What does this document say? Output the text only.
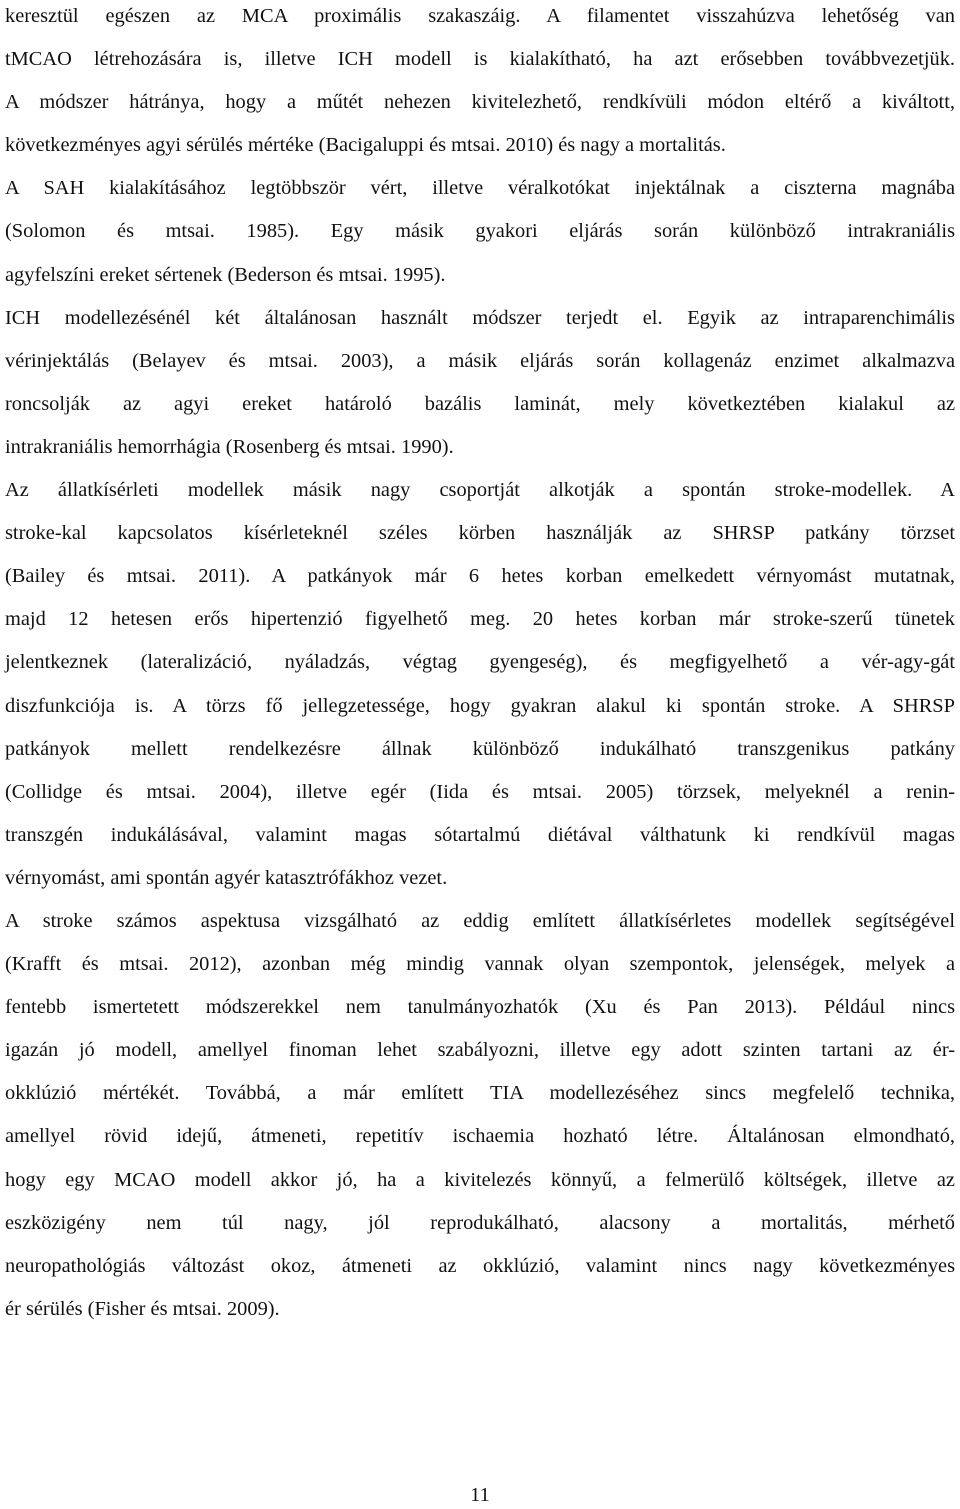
keresztül egészen az MCA proximális szakaszáig. A filamentet visszahúzva lehetőség van
tMCAO létrehozására is, illetve ICH modell is kialakítható, ha azt erősebben továbbvezetjük.
A módszer hátránya, hogy a műtét nehezen kivitelezhető, rendkívüli módon eltérő a kiváltott,
következményes agyi sérülés mértéke (Bacigaluppi és mtsai. 2010) és nagy a mortalitás.
A SAH kialakításához legtöbbször vért, illetve véralkotókat injektálnak a ciszterna magnába
(Solomon és mtsai. 1985). Egy másik gyakori eljárás során különböző intrakraniális
agyfelszíni ereket sértenek (Bederson és mtsai. 1995).
ICH modellezésénél két általánosan használt módszer terjedt el. Egyik az intraparenchimális
vérinjektálás (Belayev és mtsai. 2003), a másik eljárás során kollagenáz enzimet alkalmazva
roncsolják az agyi ereket határoló bazális laminát, mely következtében kialakul az
intrakraniális hemorrhágia (Rosenberg és mtsai. 1990).
Az állatkísérleti modellek másik nagy csoportját alkotják a spontán stroke-modellek. A
stroke-kal kapcsolatos kísérleteknél széles körben használják az SHRSP patkány törzset
(Bailey és mtsai. 2011). A patkányok már 6 hetes korban emelkedett vérnyomást mutatnak,
majd 12 hetesen erős hipertenzió figyelhető meg. 20 hetes korban már stroke-szerű tünetek
jelentkeznek (lateralizáció, nyáladzás, végtag gyengeség), és megfigyelhető a vér-agy-gát
diszfunkciója is. A törzs fő jellegzetessége, hogy gyakran alakul ki spontán stroke. A SHRSP
patkányok mellett rendelkezésre állnak különböző indukálható transzgenikus patkány
(Collidge és mtsai. 2004), illetve egér (Iida és mtsai. 2005) törzsek, melyeknél a renin-
transzgén indukálásával, valamint magas sótartalmú diétával válthatunk ki rendkívül magas
vérnyomást, ami spontán agyér katasztrófákhoz vezet.
A stroke számos aspektusa vizsgálható az eddig említett állatkísérletes modellek segítségével
(Krafft és mtsai. 2012), azonban még mindig vannak olyan szempontok, jelenségek, melyek a
fentebb ismertetett módszerekkel nem tanulmányozhatók (Xu és Pan 2013). Például nincs
igazán jó modell, amellyel finoman lehet szabályozni, illetve egy adott szinten tartani az ér-
okklúzió mértékét. Továbbá, a már említett TIA modellezéséhez sincs megfelelő technika,
amellyel rövid idejű, átmeneti, repetitív ischaemia hozható létre. Általánosan elmondható,
hogy egy MCAO modell akkor jó, ha a kivitelezés könnyű, a felmerülő költségek, illetve az
eszközigény nem túl nagy, jól reprodukálható, alacsony a mortalitás, mérhető
neuropathológiás változást okoz, átmeneti az okklúzió, valamint nincs nagy következményes
ér sérülés (Fisher és mtsai. 2009).
11
